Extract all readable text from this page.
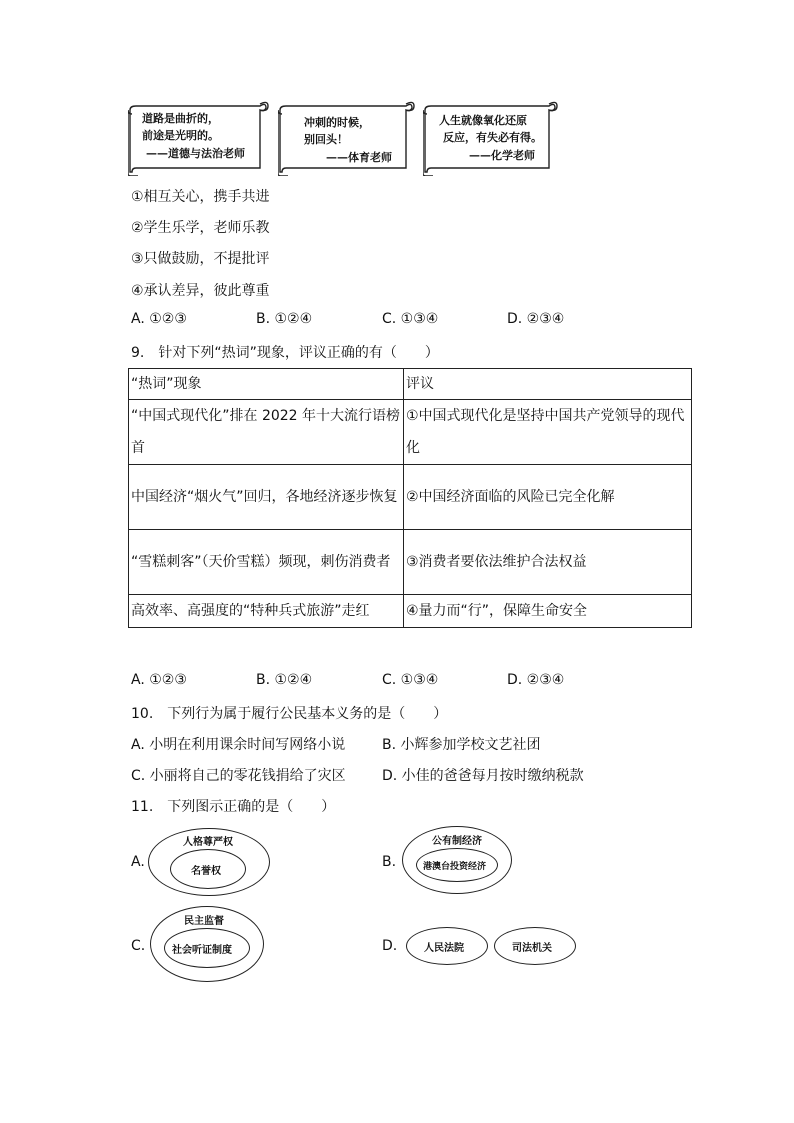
道路是曲折的，
前途是光明的。
——道德与法治老师
冲刺的时候，
别回头！
——体育老师
人生就像氧化还原
反应，有失必有得。
——化学老师
①相互关心，携手共进
②学生乐学，老师乐教
③只做鼓励，不提批评
④承认差异，彼此尊重
A. ①②③	B. ①②④	C. ①③④	D. ②③④
9.　针对下列“热词”现象，评议正确的有（　　）
“热词”现象	评议
“中国式现代化”排在 2022 年十大流行语榜首	①中国式现代化是坚持中国共产党领导的现代化
中国经济“烟火气”回归，各地经济逐步恢复	②中国经济面临的风险已完全化解
“雪糕刺客”（天价雪糕）频现，刺伤消费者	③消费者要依法维护合法权益
高效率、高强度的“特种兵式旅游”走红	④量力而“行”，保障生命安全
A. ①②③	B. ①②④	C. ①③④	D. ②③④
10.　下列行为属于履行公民基本义务的是（　　）
A. 小明在利用课余时间写网络小说	B. 小辉参加学校文艺社团
C. 小丽将自己的零花钱捐给了灾区	D. 小佳的爸爸每月按时缴纳税款
11.　下列图示正确的是（　　）
A.
人格尊严权
名誉权
B.
公有制经济
港澳台投资经济
C.
民主监督
社会听证制度	D.	人民法院	司法机关
